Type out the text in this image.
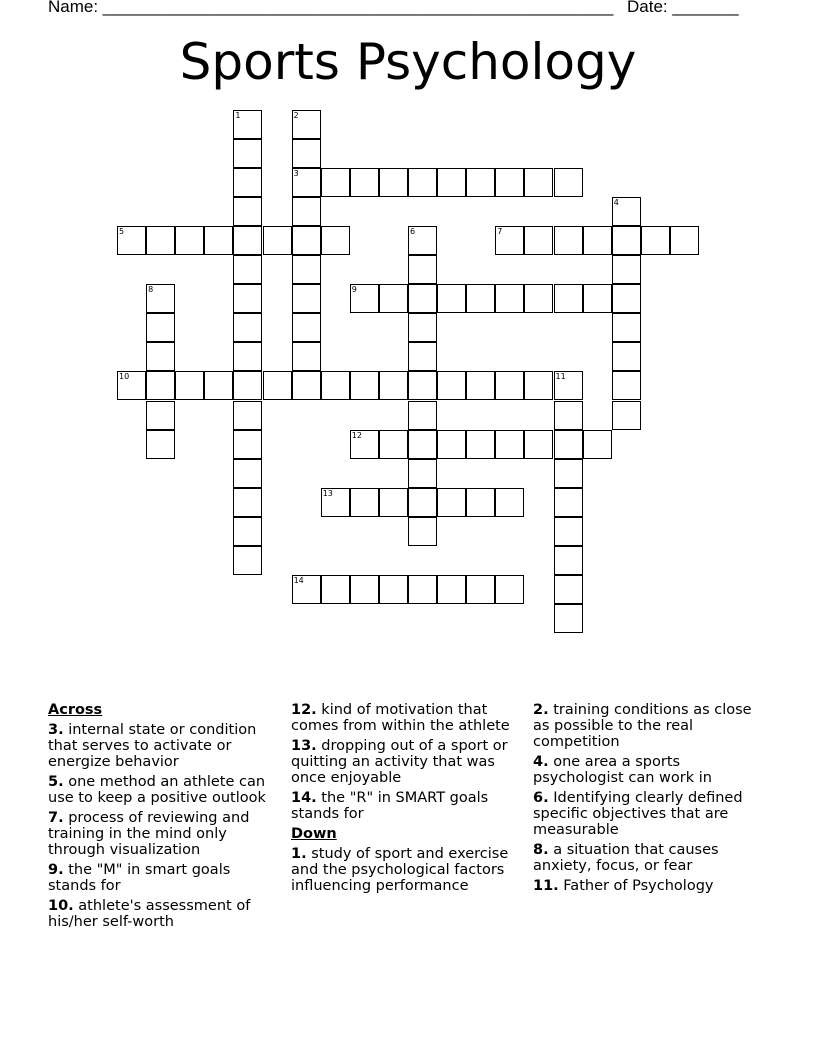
Name: ______________________________________________________ Date: _______
Sports Psychology
1	2
3
4
5	6	7
8	9
10	11
12
13
14
Across
3. internal state or condition that serves to activate or energize behavior
5. one method an athlete can use to keep a positive outlook
7. process of reviewing and training in the mind only through visualization
9. the "M" in smart goals stands for
10. athlete's assessment of his/her self-worth
12. kind of motivation that comes from within the athlete
13. dropping out of a sport or quitting an activity that was once enjoyable
14. the "R" in SMART goals stands for
Down
1. study of sport and exercise and the psychological factors influencing performance
2. training conditions as close as possible to the real competition
4. one area a sports psychologist can work in
6. Identifying clearly defined specific objectives that are measurable
8. a situation that causes anxiety, focus, or fear
11. Father of Psychology
